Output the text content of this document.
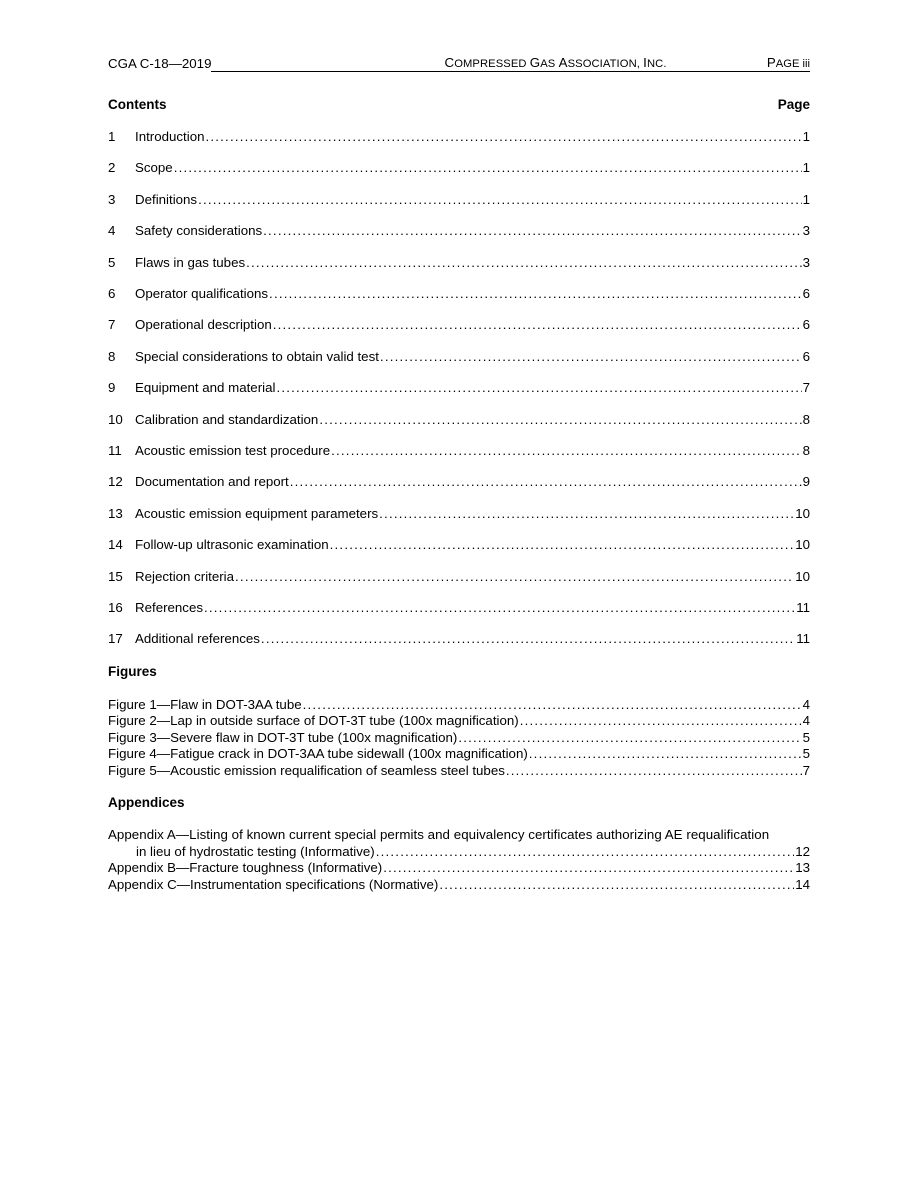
CGA C-18—2019	COMPRESSED GAS ASSOCIATION, INC.	PAGE iii
Contents	Page
1	Introduction .....	1
2	Scope .....	1
3	Definitions .....	1
4	Safety considerations .....	3
5	Flaws in gas tubes .....	3
6	Operator qualifications .....	6
7	Operational description .....	6
8	Special considerations to obtain valid test .....	6
9	Equipment and material .....	7
10 Calibration and standardization .....	8
11 Acoustic emission test procedure .....	8
12 Documentation and report .....	9
13 Acoustic emission equipment parameters .....	10
14 Follow-up ultrasonic examination .....	10
15 Rejection criteria .....	10
16 References .....	11
17 Additional references .....	11
Figures
Figure 1—Flaw in DOT-3AA tube .....	4
Figure 2—Lap in outside surface of DOT-3T tube (100x magnification) .....	4
Figure 3—Severe flaw in DOT-3T tube (100x magnification) .....	5
Figure 4—Fatigue crack in DOT-3AA tube sidewall (100x magnification) .....	5
Figure 5—Acoustic emission requalification of seamless steel tubes .....	7
Appendices
Appendix A—Listing of known current special permits and equivalency certificates authorizing AE requalification
in lieu of hydrostatic testing (Informative) .....	12
Appendix B—Fracture toughness (Informative) .....	13
Appendix C—Instrumentation specifications (Normative) .....	14
